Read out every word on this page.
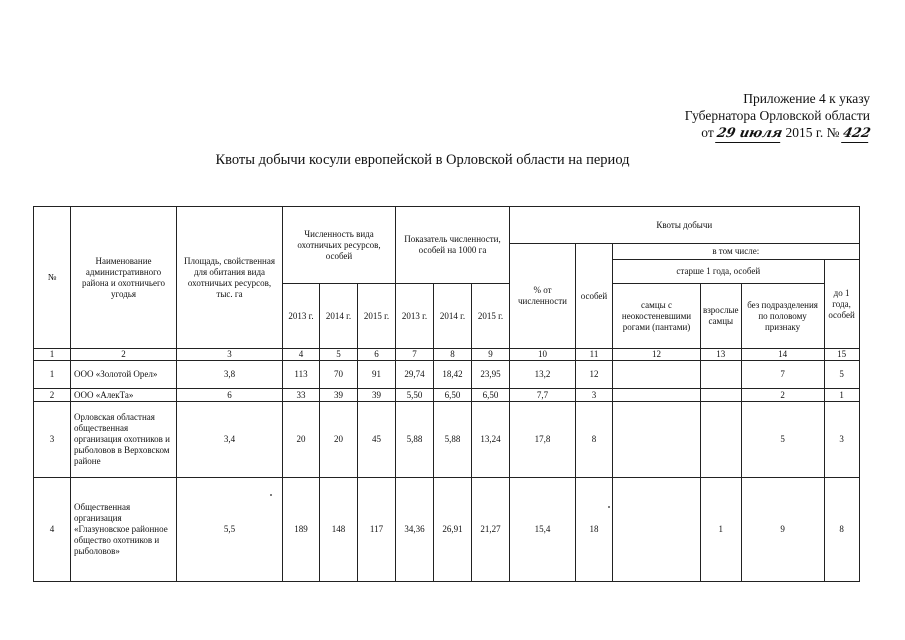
Приложение 4 к указу
Губернатора Орловской области
от 29 июля 2015 г. № 422
Квоты добычи косули европейской в Орловской области на период
№	Наименование административного района и охотничьего угодья	Площадь, свойственная для обитания вида охотничьих ресурсов, тыс. га	Численность вида охотничьих ресурсов, особей			Показатель численности, особей на 1000 га			Квоты добычи					
									% от численности	особей	в том числе:			
											старше 1 года, особей			до 1 года, особей
			2013 г.	2014 г.	2015 г.	2013 г.	2014 г.	2015 г.			самцы с неокостеневшими рогами (пантами)	взрослые самцы	без подразделения по половому признаку	
1	2	3	4	5	6	7	8	9	10	11	12	13	14	15
1	ООО «Золотой Орел»	3,8	113	70	91	29,74	18,42	23,95	13,2	12			7	5
2	ООО «АлекТа»	6	33	39	39	5,50	6,50	6,50	7,7	3			2	1
3	Орловская областная общественная организация охотников и рыболовов в Верховском районе	3,4	20	20	45	5,88	5,88	13,24	17,8	8			5	3
4	Общественная организация «Глазуновское районное общество охотников и рыболовов»	5,5	189	148	117	34,36	26,91	21,27	15,4	18		1	9	8
